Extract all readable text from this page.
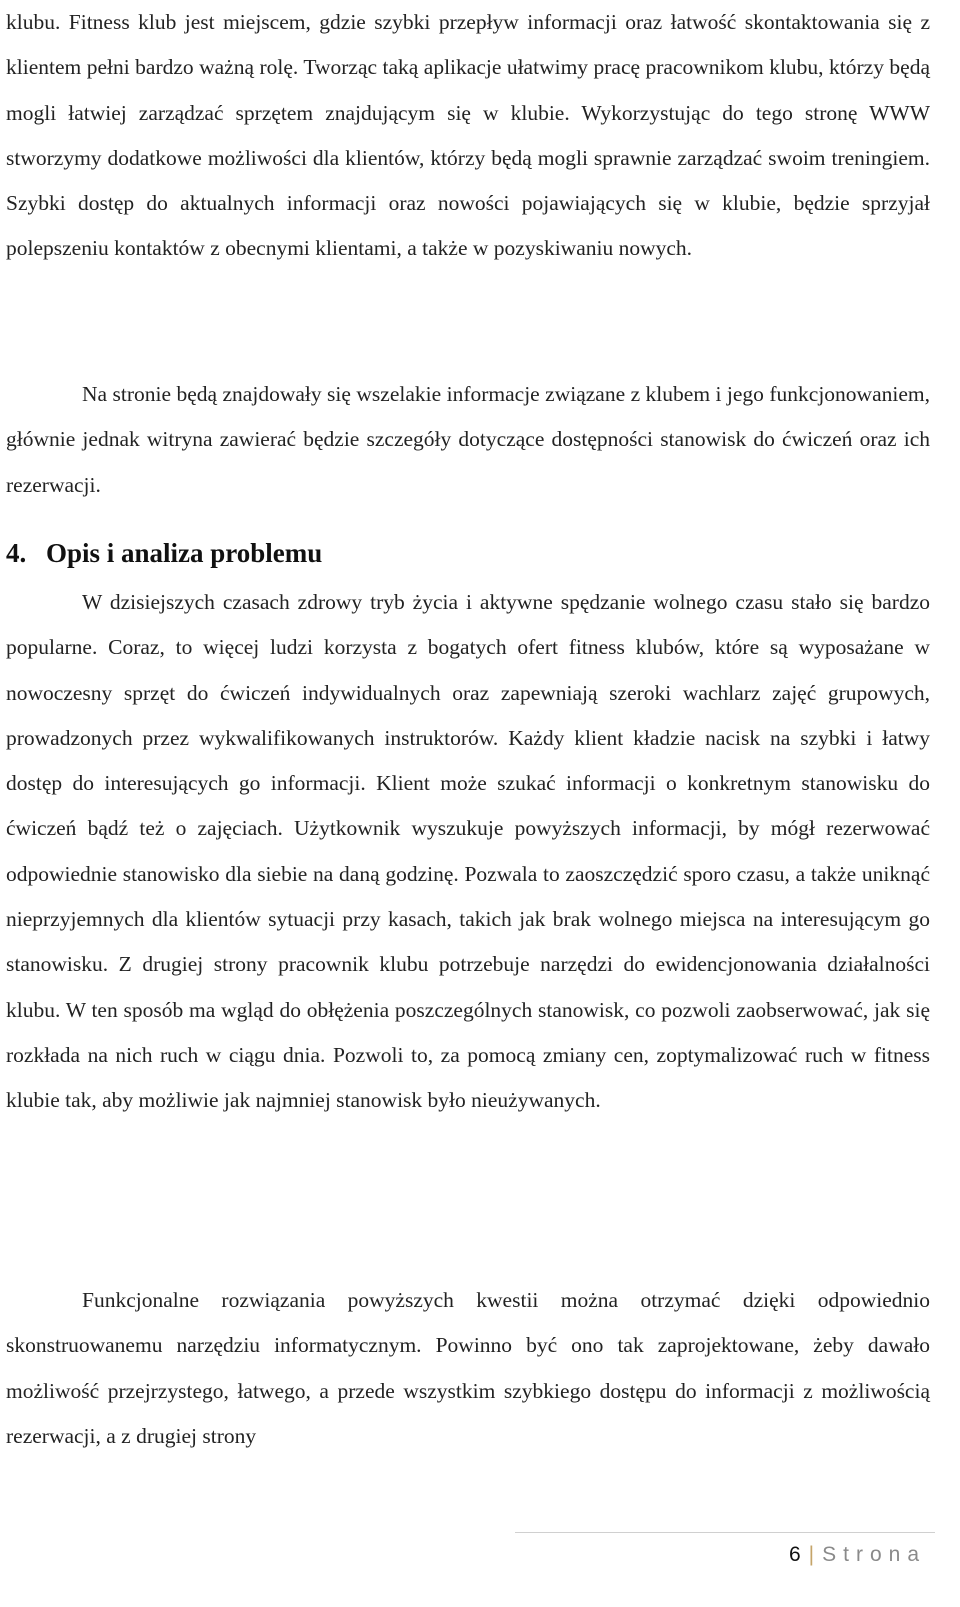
klubu. Fitness klub jest miejscem, gdzie szybki przepływ informacji oraz łatwość skontaktowania się z klientem pełni bardzo ważną rolę. Tworząc taką aplikacje ułatwimy pracę pracownikom klubu, którzy będą mogli łatwiej zarządzać sprzętem znajdującym się w klubie. Wykorzystując do tego stronę WWW stworzymy dodatkowe możliwości dla klientów, którzy będą mogli sprawnie zarządzać swoim treningiem. Szybki dostęp do aktualnych informacji oraz nowości pojawiających się w klubie, będzie sprzyjał polepszeniu kontaktów z obecnymi klientami, a także w pozyskiwaniu nowych.

Na stronie będą znajdowały się wszelakie informacje związane z klubem i jego funkcjonowaniem, głównie jednak witryna zawierać będzie szczegóły dotyczące dostępności stanowisk do ćwiczeń oraz ich rezerwacji.

4. Opis i analiza problemu

W dzisiejszych czasach zdrowy tryb życia i aktywne spędzanie wolnego czasu stało się bardzo popularne. Coraz, to więcej ludzi korzysta z bogatych ofert fitness klubów, które są wyposażane w nowoczesny sprzęt do ćwiczeń indywidualnych oraz zapewniają szeroki wachlarz zajęć grupowych, prowadzonych przez wykwalifikowanych instruktorów. Każdy klient kładzie nacisk na szybki i łatwy dostęp do interesujących go informacji. Klient może szukać informacji o konkretnym stanowisku do ćwiczeń bądź też o zajęciach. Użytkownik wyszukuje powyższych informacji, by mógł rezerwować odpowiednie stanowisko dla siebie na daną godzinę. Pozwala to zaoszczędzić sporo czasu, a także uniknąć nieprzyjemnych dla klientów sytuacji przy kasach, takich jak brak wolnego miejsca na interesującym go stanowisku. Z drugiej strony pracownik klubu potrzebuje narzędzi do ewidencjonowania działalności klubu. W ten sposób ma wgląd do obłężenia poszczególnych stanowisk, co pozwoli zaobserwować, jak się rozkłada na nich ruch w ciągu dnia. Pozwoli to, za pomocą zmiany cen, zoptymalizować ruch w fitness klubie tak, aby możliwie jak najmniej stanowisk było nieużywanych.

Funkcjonalne rozwiązania powyższych kwestii można otrzymać dzięki odpowiednio skonstruowanemu narzędziu informatycznym. Powinno być ono tak zaprojektowane, żeby dawało możliwość przejrzystego, łatwego, a przede wszystkim szybkiego dostępu do informacji z możliwością rezerwacji, a z drugiej strony

6 | Strona
